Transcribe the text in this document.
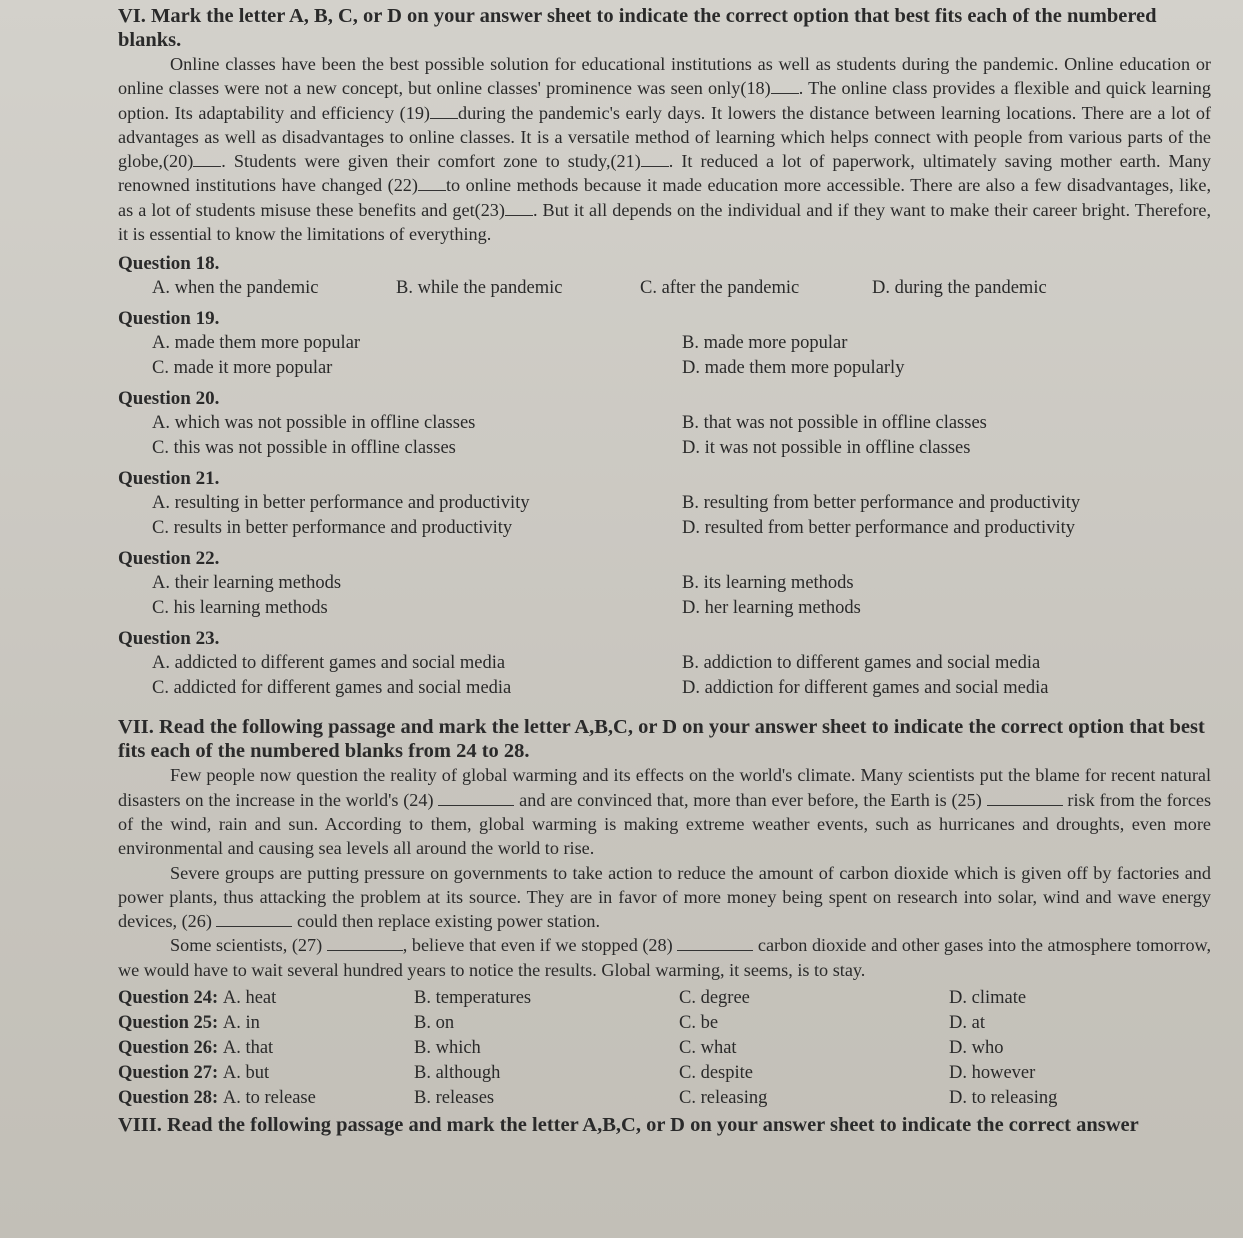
VI. Mark the letter A, B, C, or D on your answer sheet to indicate the correct option that best fits each of the numbered blanks.

Online classes have been the best possible solution for educational institutions as well as students during the pandemic. Online education or online classes were not a new concept, but online classes' prominence was seen only(18) . The online class provides a flexible and quick learning option. Its adaptability and efficiency (19) during the pandemic's early days. It lowers the distance between learning locations. There are a lot of advantages as well as disadvantages to online classes. It is a versatile method of learning which helps connect with people from various parts of the globe,(20) . Students were given their comfort zone to study,(21) . It reduced a lot of paperwork, ultimately saving mother earth. Many renowned institutions have changed (22) to online methods because it made education more accessible. There are also a few disadvantages, like, as a lot of students misuse these benefits and get(23) . But it all depends on the individual and if they want to make their career bright. Therefore, it is essential to know the limitations of everything.

Question 18.

A. when the pandemic	B. while the pandemic	C. after the pandemic	D. during the pandemic

Question 19.

A. made them more popular	B. made more popular
C. made it more popular	D. made them more popularly

Question 20.

A. which was not possible in offline classes	B. that was not possible in offline classes
C. this was not possible in offline classes	D. it was not possible in offline classes

Question 21.

A. resulting in better performance and productivity	B. resulting from better performance and productivity
C. results in better performance and productivity	D. resulted from better performance and productivity

Question 22.

A. their learning methods	B. its learning methods
C. his learning methods	D. her learning methods

Question 23.

A. addicted to different games and social media	B. addiction to different games and social media
C. addicted for different games and social media	D. addiction for different games and social media

VII. Read the following passage and mark the letter A,B,C, or D on your answer sheet to indicate the correct option that best fits each of the numbered blanks from 24 to 28.

Few people now question the reality of global warming and its effects on the world's climate. Many scientists put the blame for recent natural disasters on the increase in the world's (24)	and are convinced that, more than ever before, the Earth is (25)	risk from the forces of the wind, rain and sun. According to them, global warming is making extreme weather events, such as hurricanes and droughts, even more environmental and causing sea levels all around the world to rise.

Severe groups are putting pressure on governments to take action to reduce the amount of carbon dioxide which is given off by factories and power plants, thus attacking the problem at its source. They are in favor of more money being spent on research into solar, wind and wave energy devices, (26)	could then replace existing power station.

Some scientists, (27)	, believe that even if we stopped (28)	carbon dioxide and other gases into the atmosphere tomorrow, we would have to wait several hundred years to notice the results. Global warming, it seems, is to stay.

Question 24: A. heat	B. temperatures	C. degree	D. climate
Question 25: A. in	B. on	C. be	D. at
Question 26: A. that	B. which	C. what	D. who
Question 27: A. but	B. although	C. despite	D. however
Question 28: A. to release	B. releases	C. releasing	D. to releasing
VIII. Read the following passage and mark the letter A,B,C, or D on your answer sheet to indicate the correct answer
